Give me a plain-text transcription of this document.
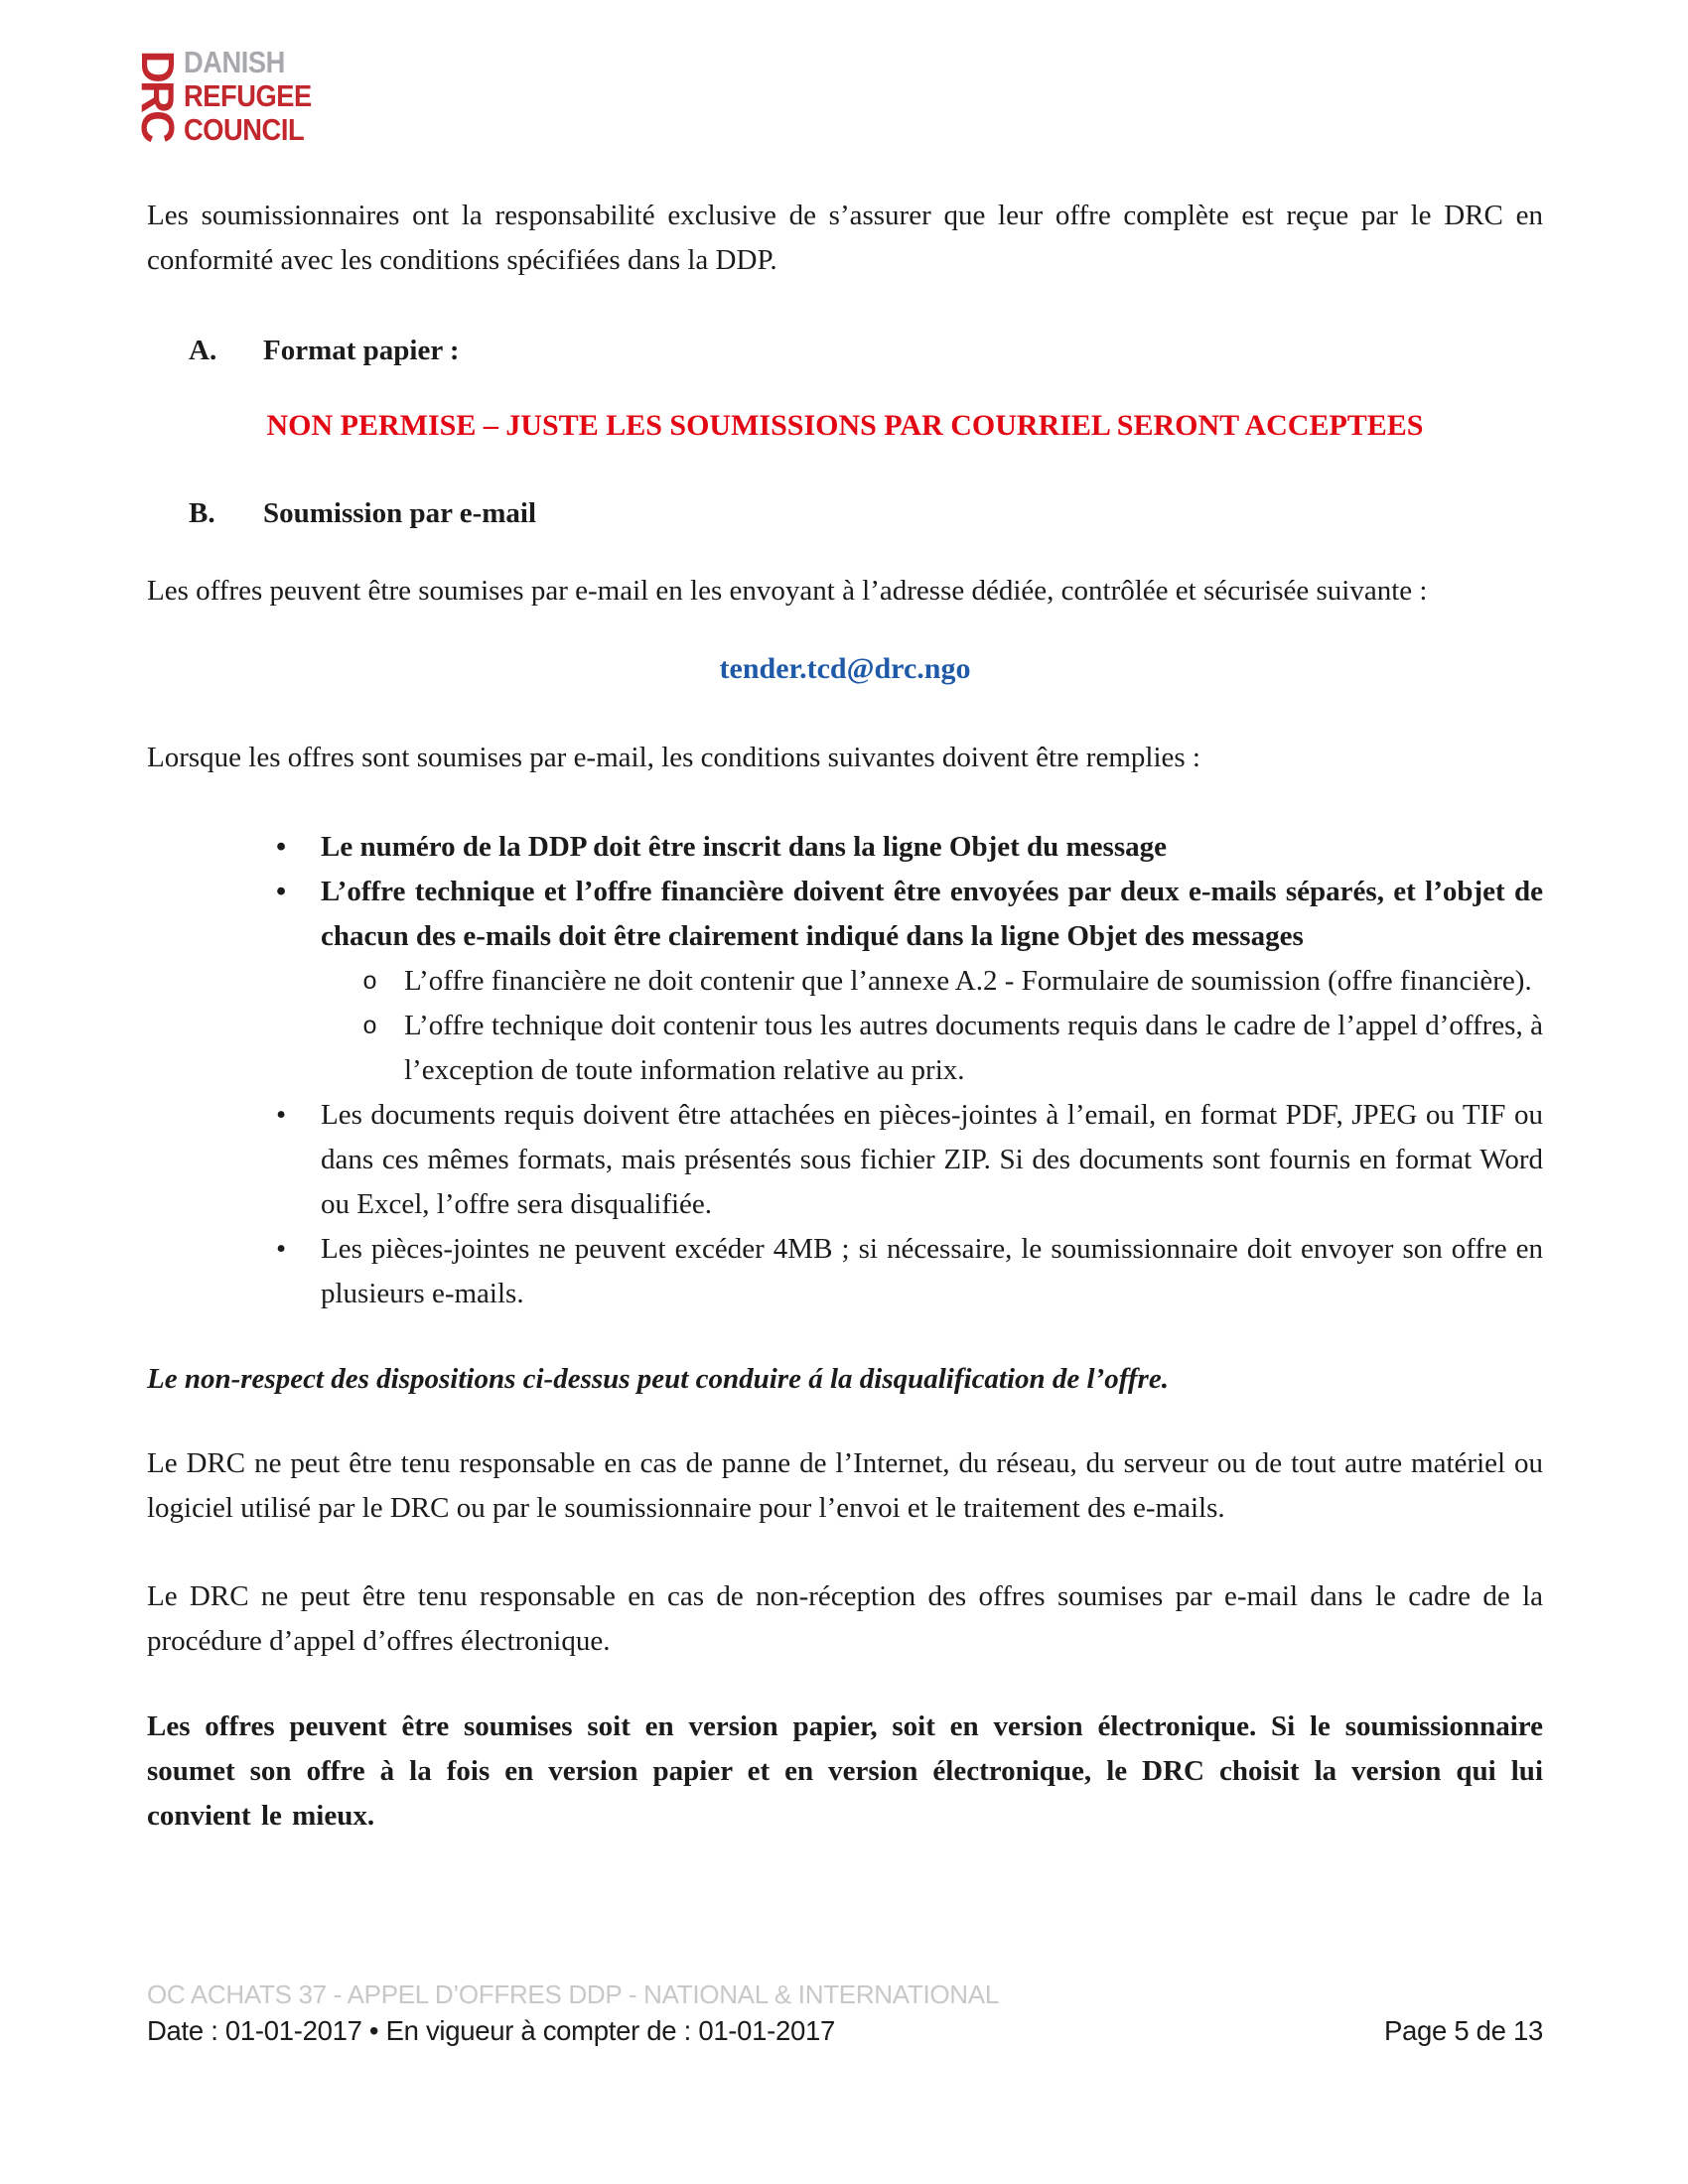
DRC DANISH
REFUGEE
COUNCIL

Les soumissionnaires ont la responsabilité exclusive de s’assurer que leur offre complète est reçue par le DRC en conformité avec les conditions spécifiées dans la DDP.

A.	Format papier :

NON PERMISE – JUSTE LES SOUMISSIONS PAR COURRIEL SERONT ACCEPTEES

B.	Soumission par e-mail

Les offres peuvent être soumises par e-mail en les envoyant à l’adresse dédiée, contrôlée et sécurisée suivante :

tender.tcd@drc.ngo

Lorsque les offres sont soumises par e-mail, les conditions suivantes doivent être remplies :

• Le numéro de la DDP doit être inscrit dans la ligne Objet du message
• L’offre technique et l’offre financière doivent être envoyées par deux e-mails séparés, et l’objet de chacun des e-mails doit être clairement indiqué dans la ligne Objet des messages
o L’offre financière ne doit contenir que l’annexe A.2 - Formulaire de soumission (offre financière).
o L’offre technique doit contenir tous les autres documents requis dans le cadre de l’appel d’offres, à l’exception de toute information relative au prix.
• Les documents requis doivent être attachées en pièces-jointes à l’email, en format PDF, JPEG ou TIF ou dans ces mêmes formats, mais présentés sous fichier ZIP. Si des documents sont fournis en format Word ou Excel, l’offre sera disqualifiée.
• Les pièces-jointes ne peuvent excéder 4MB ; si nécessaire, le soumissionnaire doit envoyer son offre en plusieurs e-mails.

Le non-respect des dispositions ci-dessus peut conduire á la disqualification de l’offre.

Le DRC ne peut être tenu responsable en cas de panne de l’Internet, du réseau, du serveur ou de tout autre matériel ou logiciel utilisé par le DRC ou par le soumissionnaire pour l’envoi et le traitement des e-mails.

Le DRC ne peut être tenu responsable en cas de non-réception des offres soumises par e-mail dans le cadre de la procédure d’appel d’offres électronique.

Les offres peuvent être soumises soit en version papier, soit en version électronique. Si le soumissionnaire soumet son offre à la fois en version papier et en version électronique, le DRC choisit la version qui lui convient le mieux.

OC ACHATS 37 - APPEL D’OFFRES DDP - NATIONAL & INTERNATIONAL

Date : 01-01-2017 • En vigueur à compter de : 01-01-2017	Page 5 de 13
